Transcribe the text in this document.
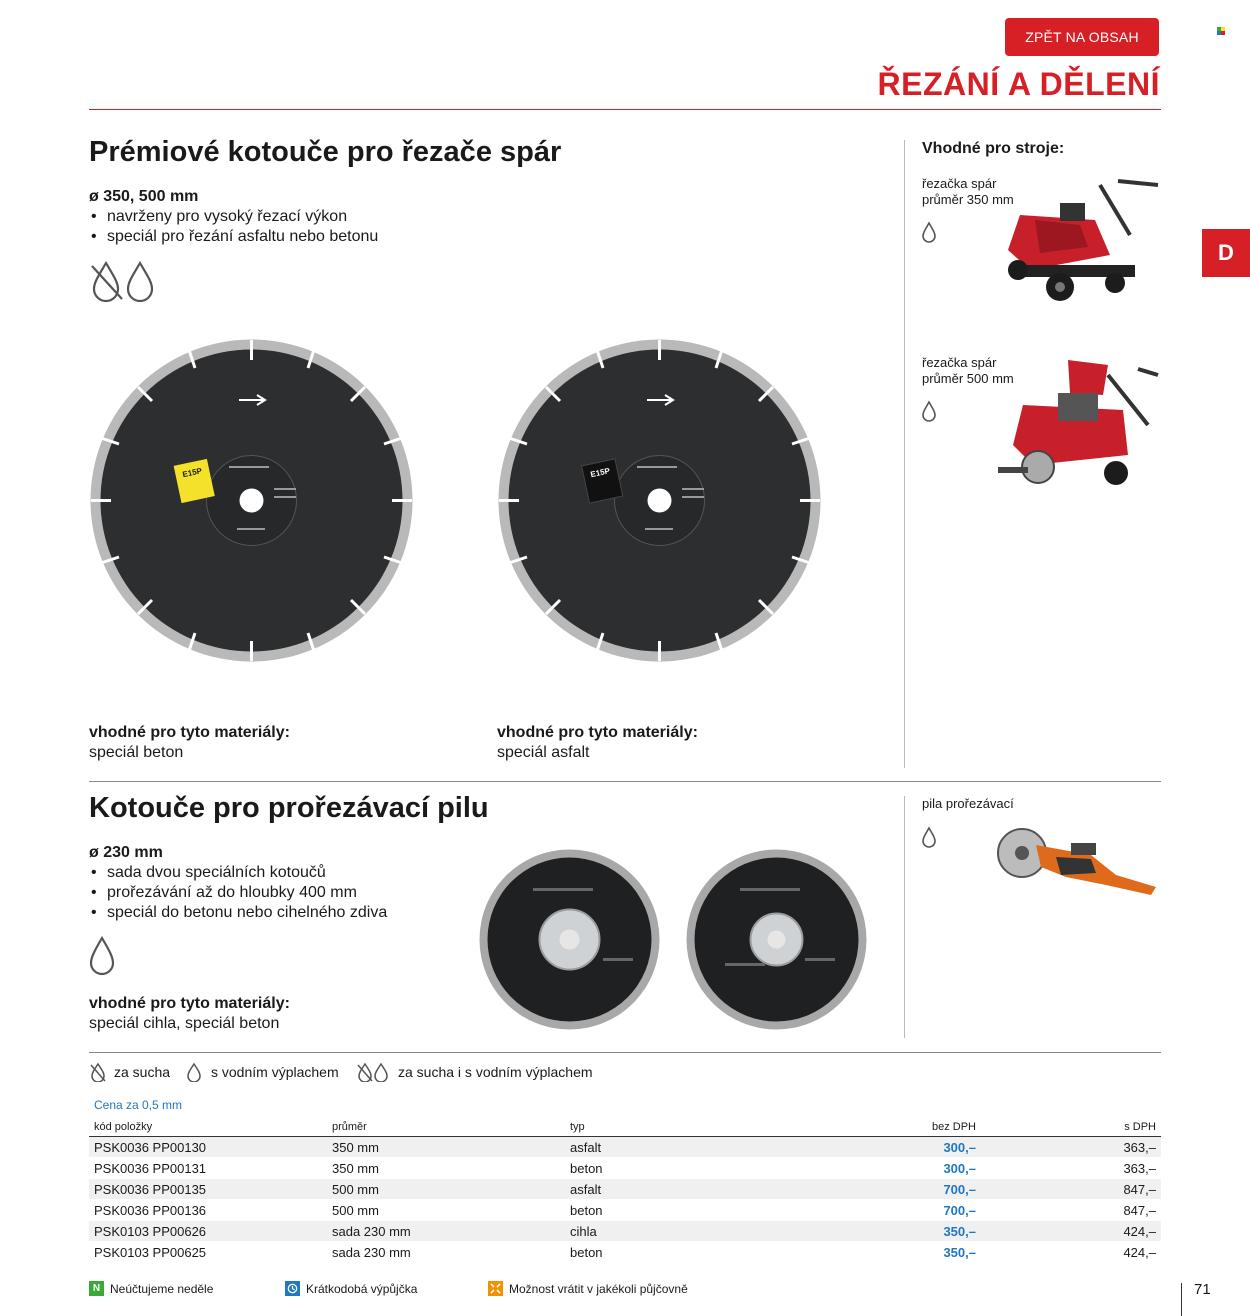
ZPĚT NA OBSAH
ŘEZÁNÍ A DĚLENÍ
D
Prémiové kotouče pro řezače spár
ø 350, 500 mm
• navrženy pro vysoký řezací výkon
• speciál pro řezání asfaltu nebo betonu
E15P	E15P
vhodné pro tyto materiály:
speciál beton
vhodné pro tyto materiály:
speciál asfalt
Vhodné pro stroje:
řezačka spár
průměr 350 mm
řezačka spár
průměr 500 mm
Kotouče pro prořezávací pilu
ø 230 mm
• sada dvou speciálních kotoučů
• prořezávání až do hloubky 400 mm
• speciál do betonu nebo cihelného zdiva
vhodné pro tyto materiály:
speciál cihla, speciál beton
pila prořezávací
za sucha	s vodním výplachem	za sucha i s vodním výplachem
Cena za 0,5 mm
kód položky	průměr	typ	bez DPH	s DPH
PSK0036 PP00130	350 mm	asfalt	300,–	363,–
PSK0036 PP00131	350 mm	beton	300,–	363,–
PSK0036 PP00135	500 mm	asfalt	700,–	847,–
PSK0036 PP00136	500 mm	beton	700,–	847,–
PSK0103 PP00626	sada 230 mm	cihla	350,–	424,–
PSK0103 PP00625	sada 230 mm	beton	350,–	424,–
N Neúčtujeme neděle	Krátkodobá výpůjčka	Možnost vrátit v jakékoli půjčovně	71
